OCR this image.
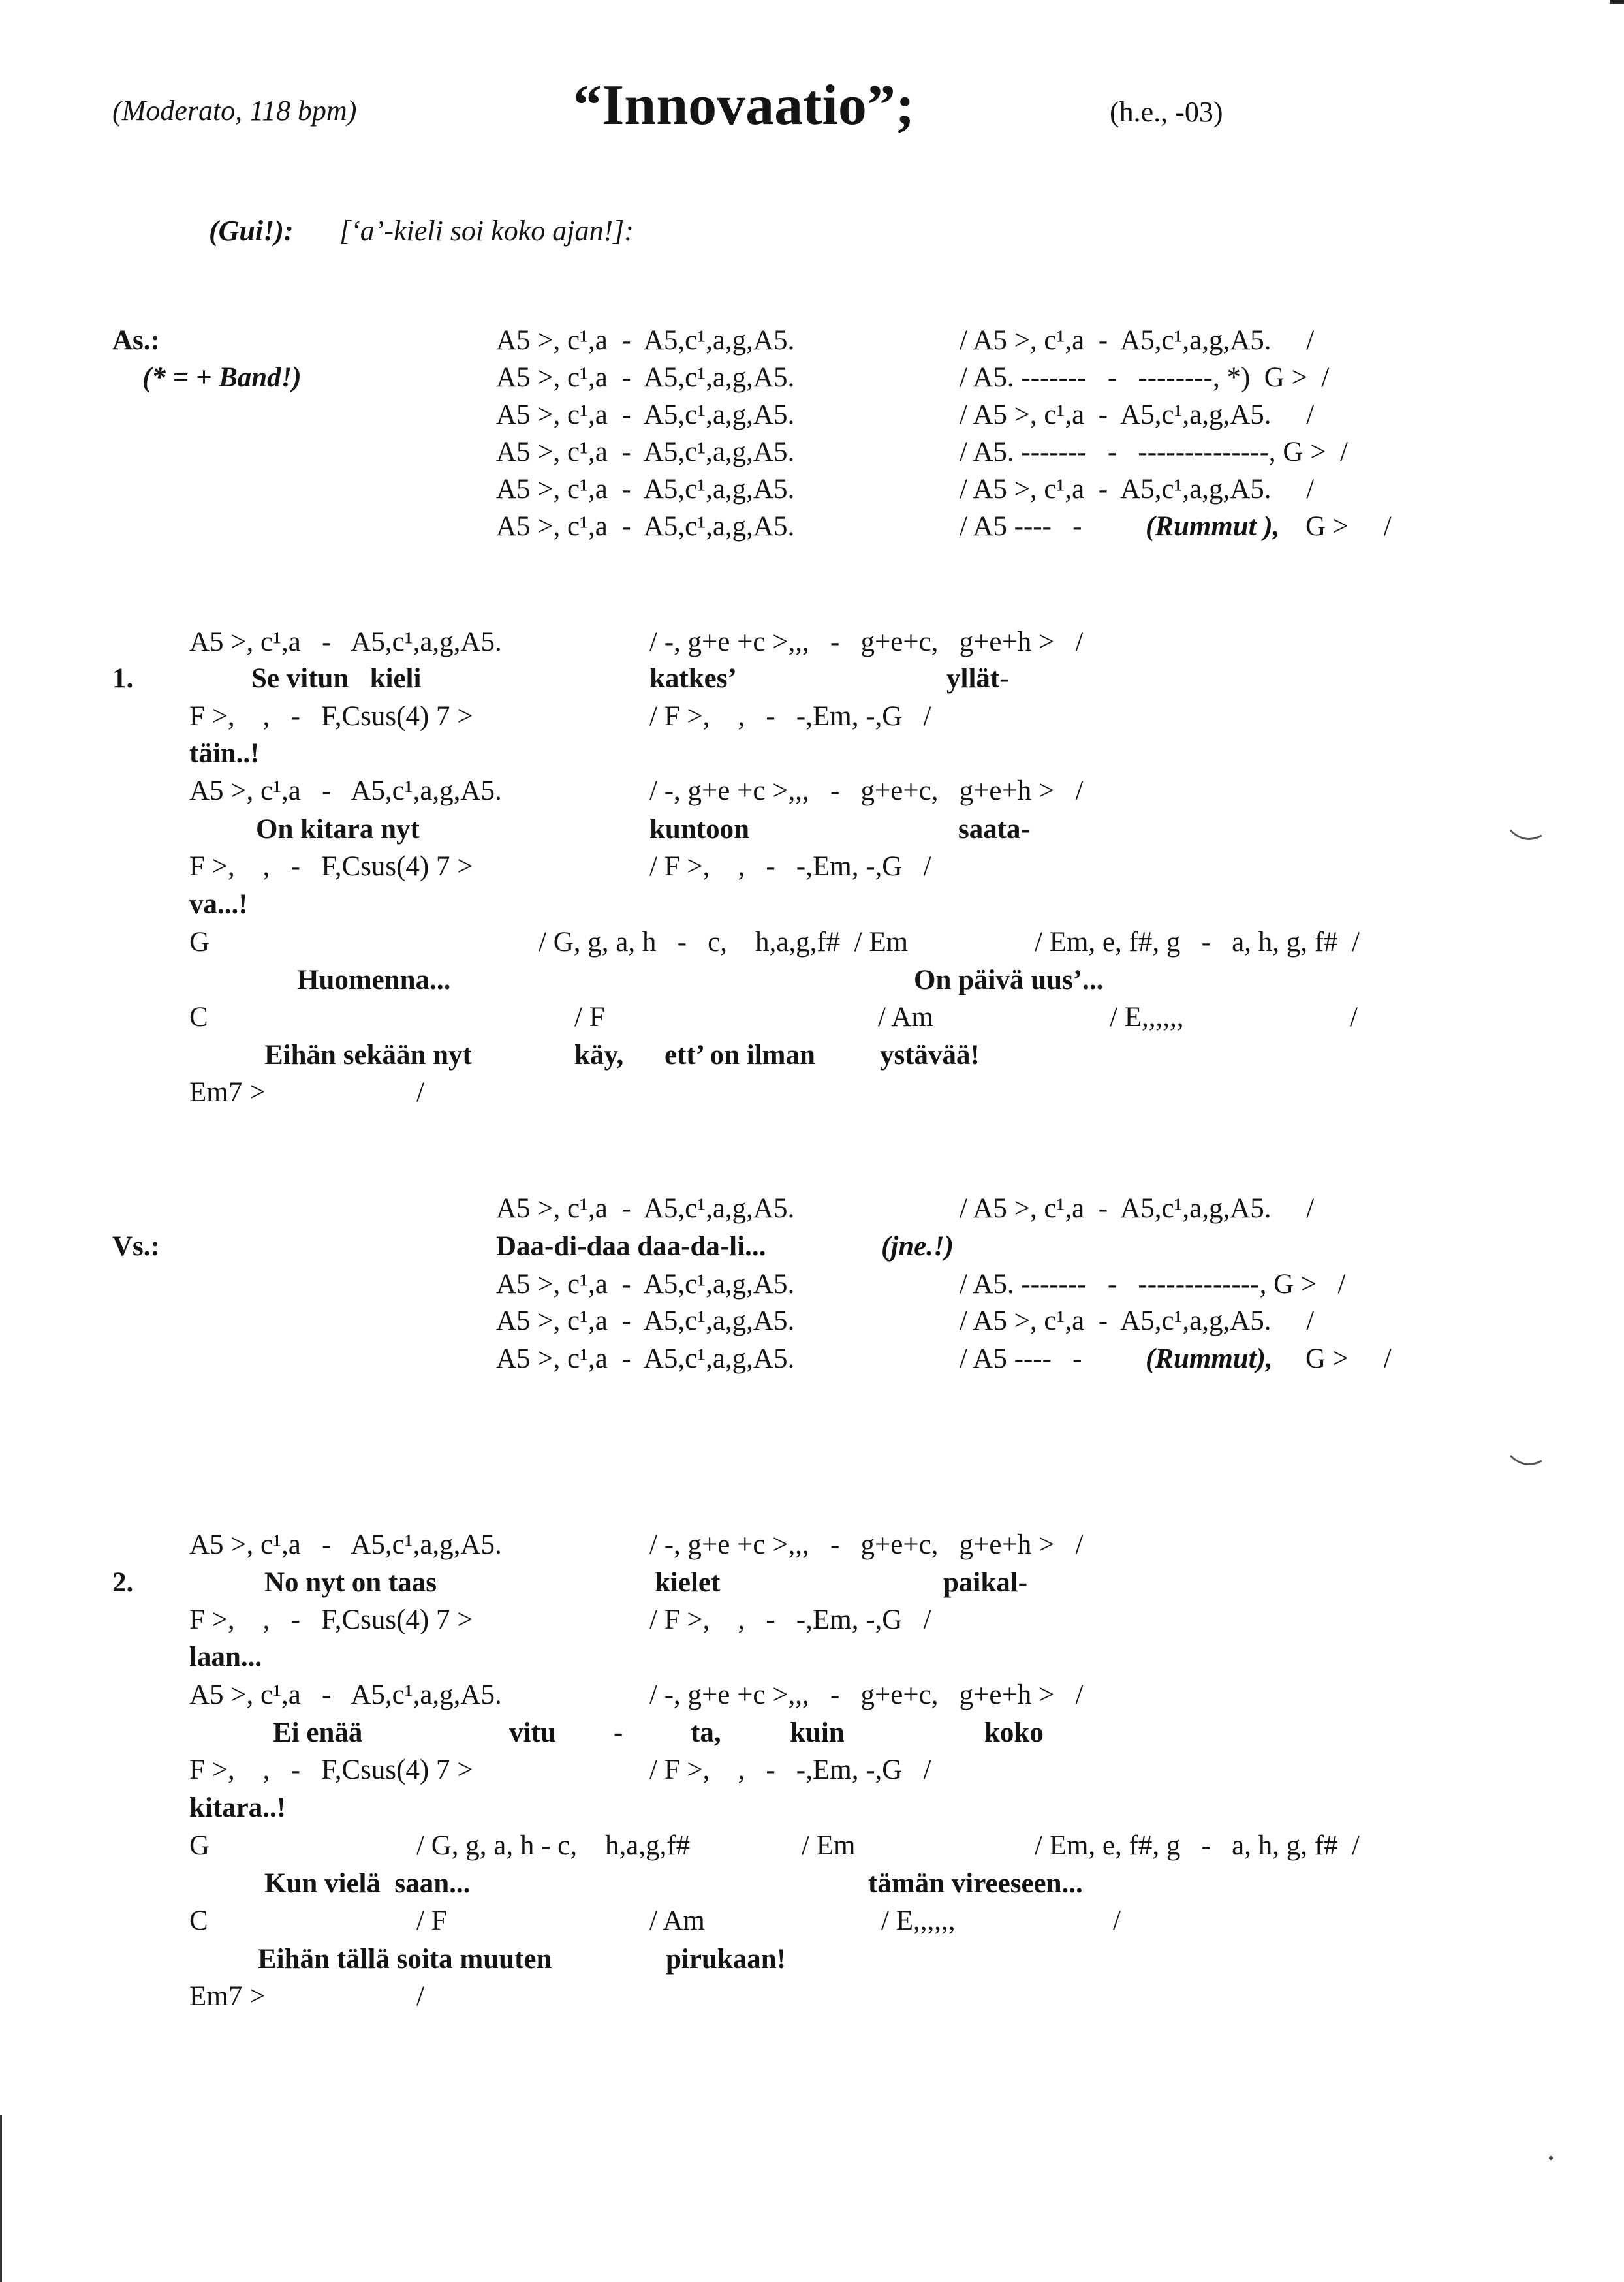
(Moderato, 118 bpm)	“Innovaatio”;	(h.e., -03)
(Gui!): [‘a’-kieli soi koko ajan!]:
As.:
(* = + Band!)
A5 >, c¹,a  -  A5,c¹,a,g,A5.	/ A5 >, c¹,a  -  A5,c¹,a,g,A5.     /
A5 >, c¹,a  -  A5,c¹,a,g,A5.	/ A5. -------   -   --------, *)  G >  /
A5 >, c¹,a  -  A5,c¹,a,g,A5.	/ A5 >, c¹,a  -  A5,c¹,a,g,A5.     /
A5 >, c¹,a  -  A5,c¹,a,g,A5.	/ A5. -------   -   --------------, G >  /
A5 >, c¹,a  -  A5,c¹,a,g,A5.	/ A5 >, c¹,a  -  A5,c¹,a,g,A5.     /
A5 >, c¹,a  -  A5,c¹,a,g,A5.	/ A5 ----   - (Rummut ), G >     /
A5 >, c¹,a   -   A5,c¹,a,g,A5.	/ -, g+e +c >,,,   -   g+e+c,   g+e+h >   /
1.	Se vitun   kieli	katkes’	yllät-
F >,    ,   -   F,Csus(4) 7 >	/ F >,    ,   -   -,Em, -,G   /
täin..!
A5 >, c¹,a   -   A5,c¹,a,g,A5.	/ -, g+e +c >,,,   -   g+e+c,   g+e+h >   /
On kitara nyt	kuntoon	saata-
F >,    ,   -   F,Csus(4) 7 >	/ F >,    ,   -   -,Em, -,G   /
va...!
G	/ G, g, a, h   -   c,    h,a,g,f#  / Em	/ Em, e, f#, g   -   a, h, g, f#  /
Huomenna...	On päivä uus’...
C	/ F	/ Am	/ E,,,,,,	/
Eihän sekään nyt	käy, ett’ on ilman ystävää!
Em7 >	/
A5 >, c¹,a  -  A5,c¹,a,g,A5.	/ A5 >, c¹,a  -  A5,c¹,a,g,A5.     /
Vs.:	Daa-di-daa daa-da-li...	(jne.!)
A5 >, c¹,a  -  A5,c¹,a,g,A5.	/ A5. -------   -   -------------, G >   /
A5 >, c¹,a  -  A5,c¹,a,g,A5.	/ A5 >, c¹,a  -  A5,c¹,a,g,A5.     /
A5 >, c¹,a  -  A5,c¹,a,g,A5.	/ A5 ----   - (Rummut), G >     /
A5 >, c¹,a   -   A5,c¹,a,g,A5.	/ -, g+e +c >,,,   -   g+e+c,   g+e+h >   /
2.	No nyt on taas	kielet	paikal-
F >,    ,   -   F,Csus(4) 7 >	/ F >,    ,   -   -,Em, -,G   /
laan...
A5 >, c¹,a   -   A5,c¹,a,g,A5.	/ -, g+e +c >,,,   -   g+e+c,   g+e+h >   /
Ei enää	vitu - ta, kuin	koko
F >,    ,   -   F,Csus(4) 7 >	/ F >,    ,   -   -,Em, -,G   /
kitara..!
G	/ G, g, a, h - c,    h,a,g,f#	/ Em	/ Em, e, f#, g   -   a, h, g, f#  /
Kun vielä  saan...	tämän vireeseen...
C	/ F	/ Am	/ E,,,,,,	/
Eihän tällä soita muuten	pirukaan!
Em7 >	/
